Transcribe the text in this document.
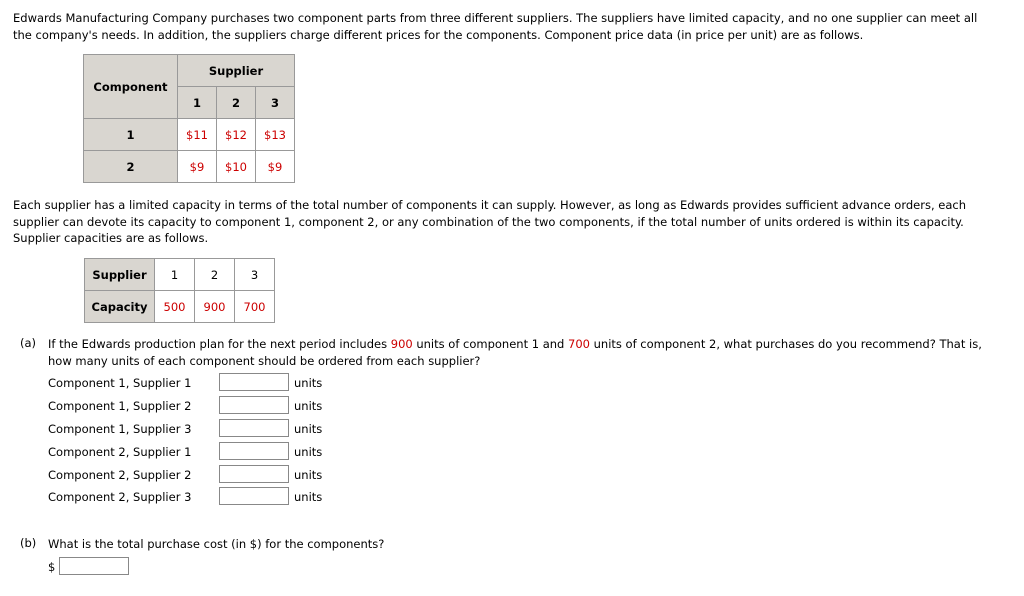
Edwards Manufacturing Company purchases two component parts from three different suppliers. The suppliers have limited capacity, and no one supplier can meet all
the company's needs. In addition, the suppliers charge different prices for the components. Component price data (in price per unit) are as follows.

Component	Supplier		
	1	2	3
1	$11	$12	$13
2	$9	$10	$9

Each supplier has a limited capacity in terms of the total number of components it can supply. However, as long as Edwards provides sufficient advance orders, each
supplier can devote its capacity to component 1, component 2, or any combination of the two components, if the total number of units ordered is within its capacity.
Supplier capacities are as follows.

Supplier	1	2	3
Capacity	500	900	700
(a) If the Edwards production plan for the next period includes 900 units of component 1 and 700 units of component 2, what purchases do you recommend? That is,
how many units of each component should be ordered from each supplier?

Component 1, Supplier 1	units
Component 1, Supplier 2	units
Component 1, Supplier 3	units
Component 2, Supplier 1	units
Component 2, Supplier 2	units
Component 2, Supplier 3	units
(b) What is the total purchase cost (in $) for the components?
$
